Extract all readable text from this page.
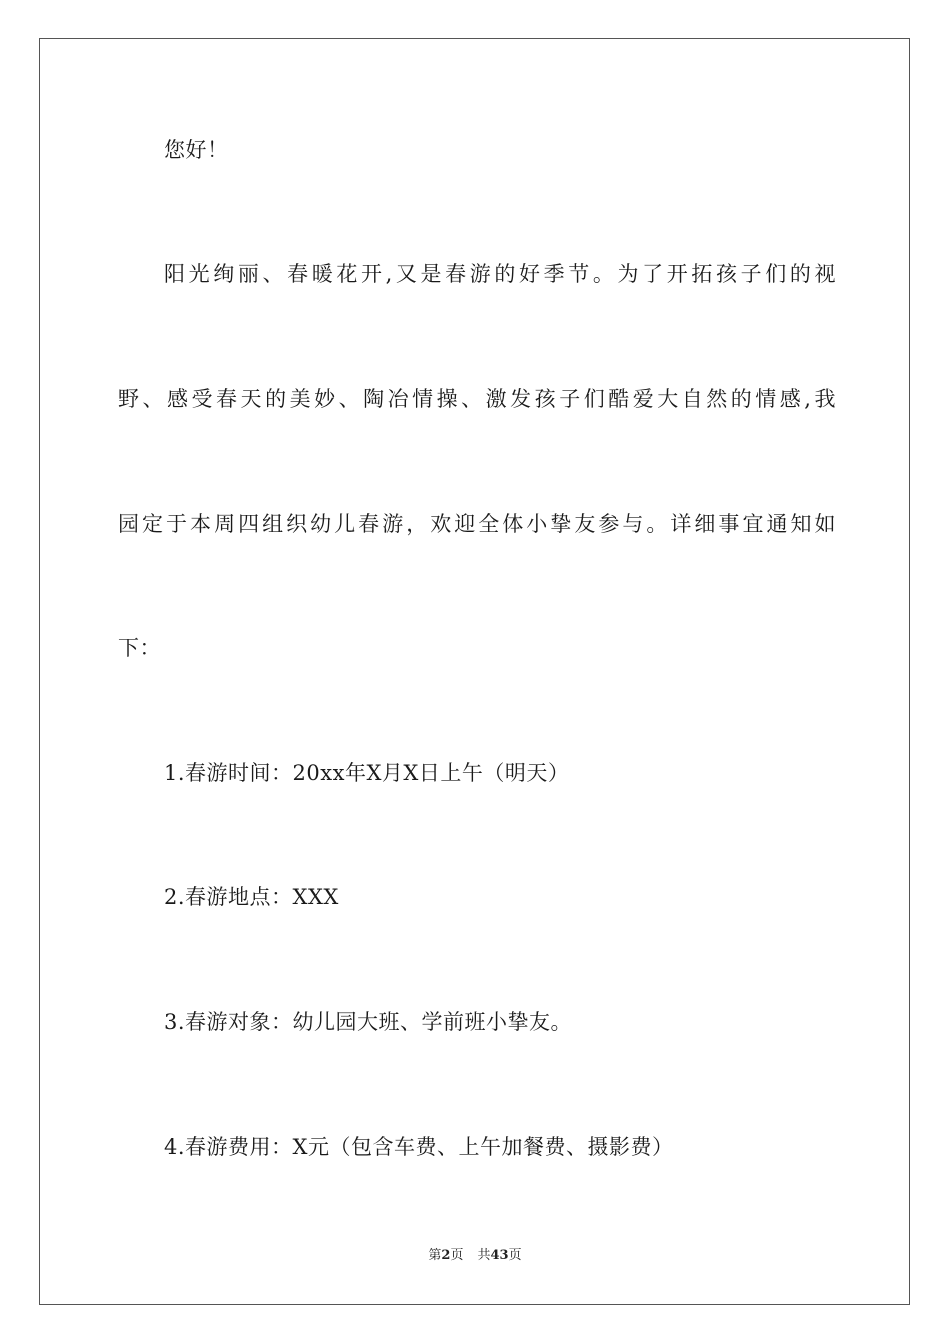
您好！
阳光绚丽、春暖花开,又是春游的好季节。为了开拓孩子们的视
野、感受春天的美妙、陶冶情操、激发孩子们酷爱大自然的情感,我
园定于本周四组织幼儿春游，欢迎全体小挚友参与。详细事宜通知如
下：
1.春游时间：20xx年X月X日上午（明天）
2.春游地点：XXX
3.春游对象：幼儿园大班、学前班小挚友。
4.春游费用：X元（包含车费、上午加餐费、摄影费）
第2页 共43页
